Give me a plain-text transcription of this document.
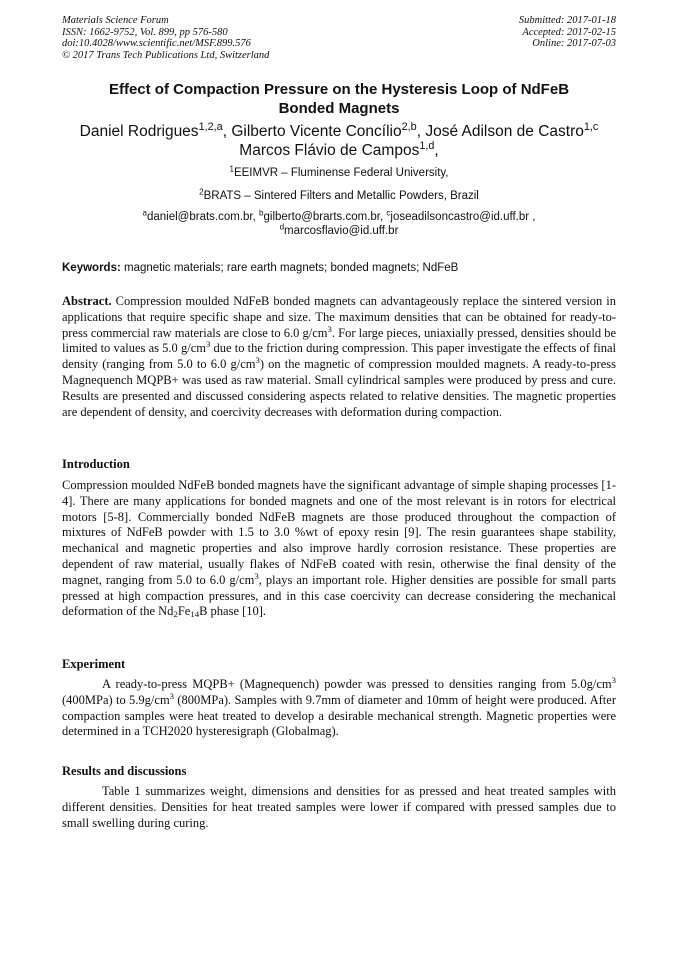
Materials Science Forum
ISSN: 1662-9752, Vol. 899, pp 576-580
doi:10.4028/www.scientific.net/MSF.899.576
© 2017 Trans Tech Publications Ltd, Switzerland
Submitted: 2017-01-18
Accepted: 2017-02-15
Online: 2017-07-03
Effect of Compaction Pressure on the Hysteresis Loop of NdFeB
Bonded Magnets
Daniel Rodrigues$^{1,2,a}$, Gilberto Vicente Concílio$^{2,b}$, José Adilson de Castro$^{1,c}$
Marcos Flávio de Campos$^{1,d}$,
$^1$EEIMVR – Fluminense Federal University,
$^2$BRATS – Sintered Filters and Metallic Powders, Brazil
$^a$daniel@brats.com.br, $^b$gilberto@brarts.com.br, $^c$joseadilsoncastro@id.uff.br ,
$^d$marcosflavio@id.uff.br
Keywords: magnetic materials; rare earth magnets; bonded magnets; NdFeB
Abstract. Compression moulded NdFeB bonded magnets can advantageously replace the sintered version in applications that require specific shape and size. The maximum densities that can be obtained for ready-to-press commercial raw materials are close to 6.0 $g/cm^3$. For large pieces, uniaxially pressed, densities should be limited to values as 5.0 $g/cm^3$ due to the friction during compression. This paper investigate the effects of final density (ranging from 5.0 to 6.0 $g/cm^3$) on the magnetic of compression moulded magnets. A ready-to-press Magnequench MQPB+ was used as raw material. Small cylindrical samples were produced by press and cure. Results are presented and discussed considering aspects related to relative densities. The magnetic properties are dependent of density, and coercivity decreases with deformation during compaction.
Introduction
Compression moulded NdFeB bonded magnets have the significant advantage of simple shaping processes [1-4]. There are many applications for bonded magnets and one of the most relevant is in rotors for electrical motors [5-8]. Commercially bonded NdFeB magnets are those produced throughout the compaction of mixtures of NdFeB powder with 1.5 to 3.0 %wt of epoxy resin [9]. The resin guarantees shape stability, mechanical and magnetic properties and also improve hardly corrosion resistance. These properties are dependent of raw material, usually flakes of NdFeB coated with resin, otherwise the final density of the magnet, ranging from 5.0 to 6.0 $g/cm^3$, plays an important role. Higher densities are possible for small parts pressed at high compaction pressures, and in this case coercivity can decrease considering the mechanical deformation of the $Nd_2Fe_{14}B$ phase [10].
Experiment
A ready-to-press MQPB+ (Magnequench) powder was pressed to densities ranging from $5.0g/cm^3$ (400MPa) to $5.9g/cm^3$ (800MPa). Samples with 9.7mm of diameter and 10mm of height were produced. After compaction samples were heat treated to develop a desirable mechanical strength. Magnetic properties were determined in a TCH2020 hysteresigraph (Globalmag).
Results and discussions
Table 1 summarizes weight, dimensions and densities for as pressed and heat treated samples with different densities. Densities for heat treated samples were lower if compared with pressed samples due to small swelling during curing.
